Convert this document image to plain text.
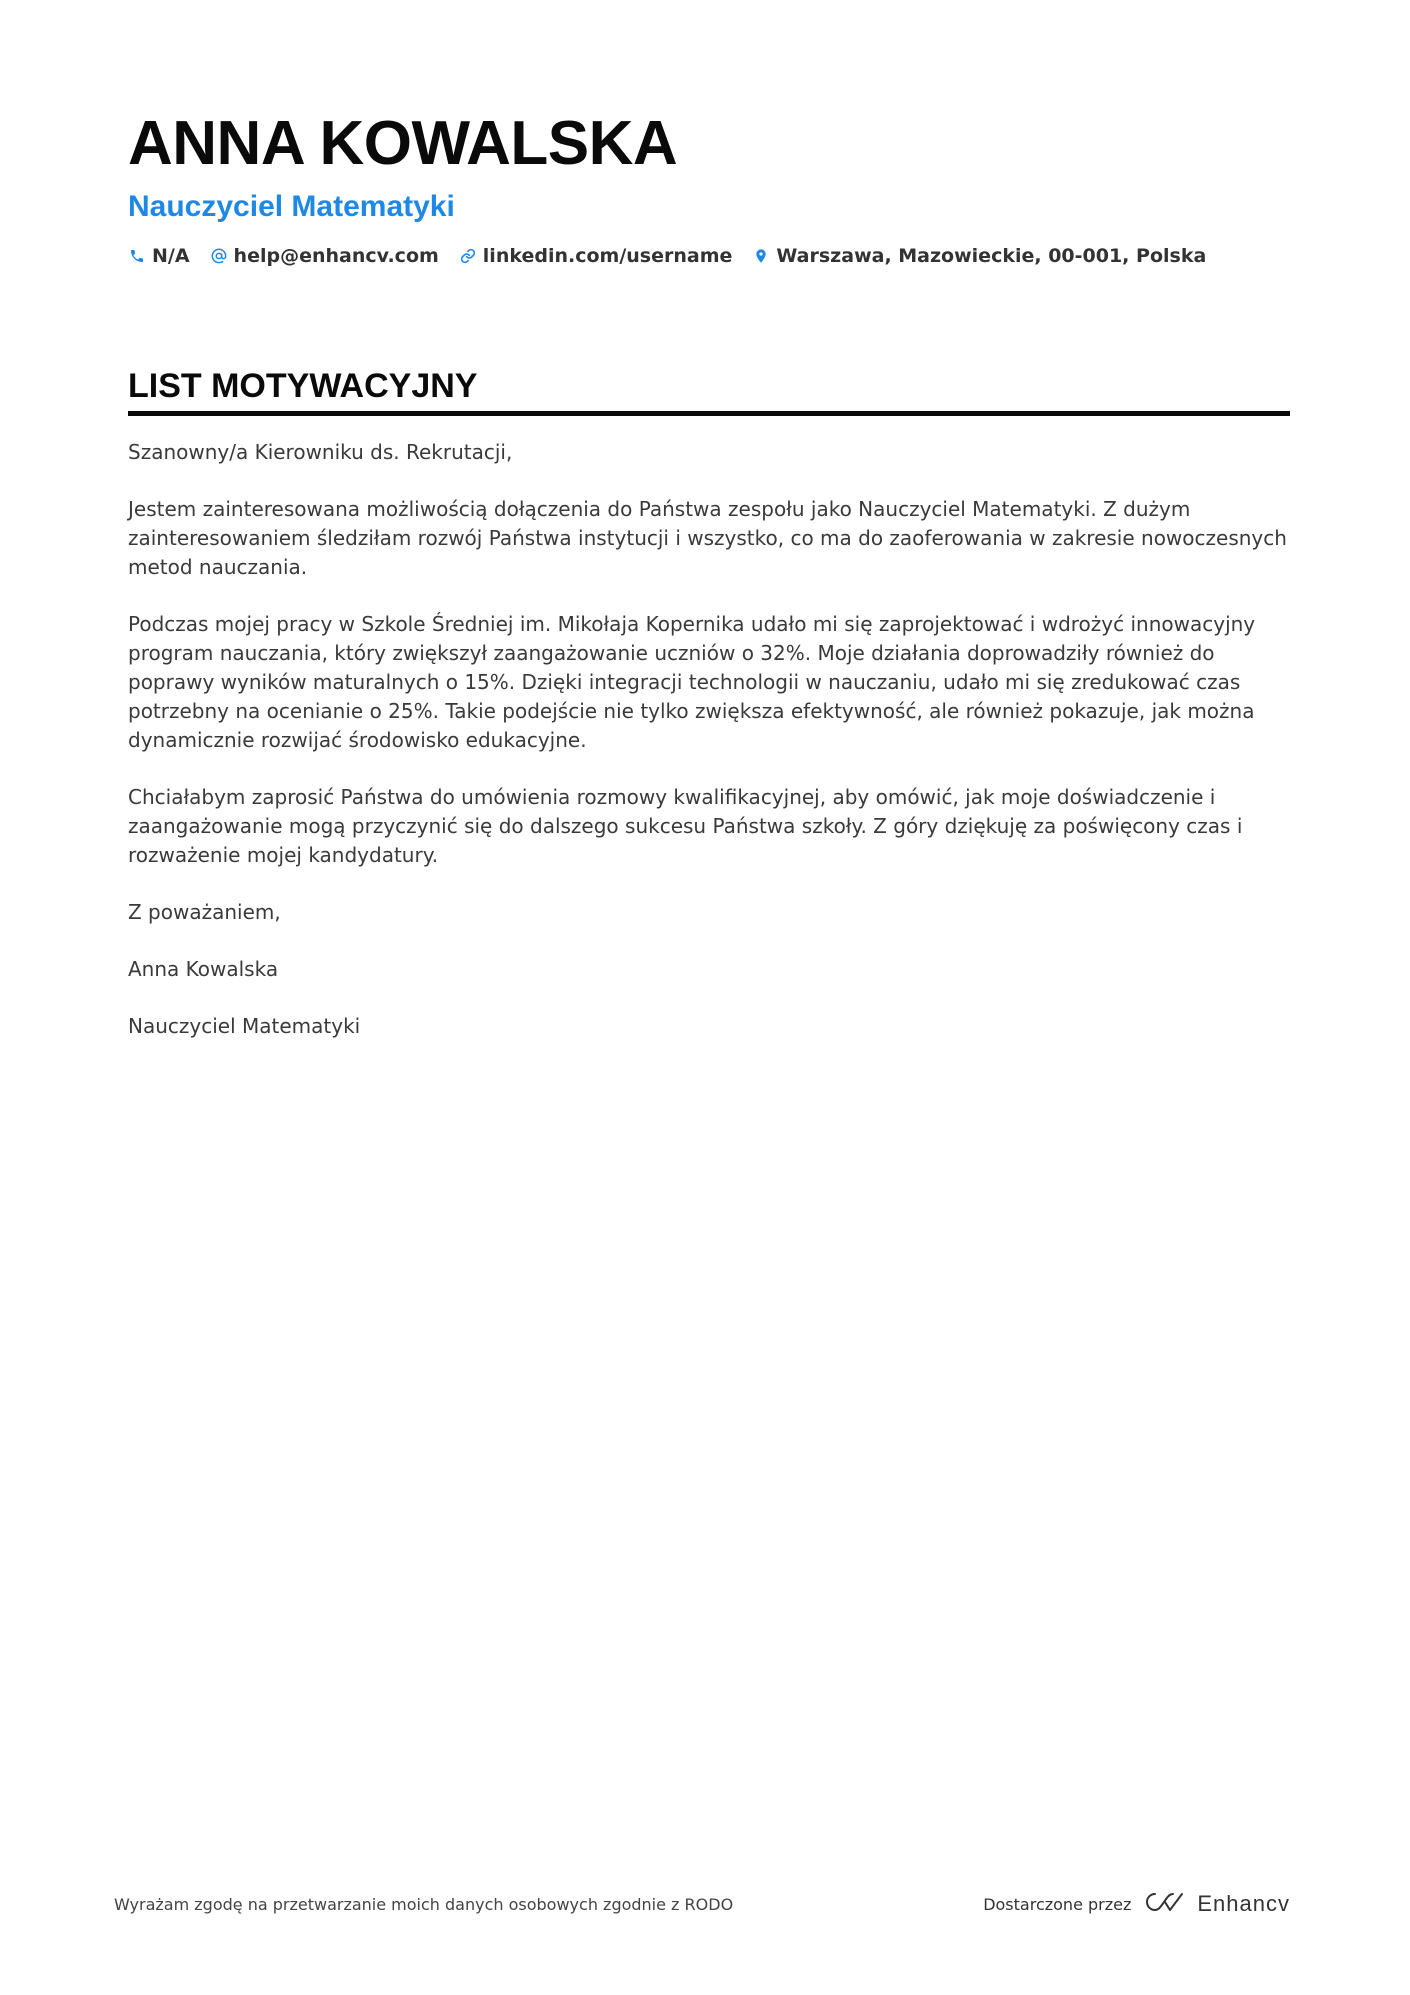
ANNA KOWALSKA
Nauczyciel Matematyki
N/A help@enhancv.com linkedin.com/username Warszawa, Mazowieckie, 00-001, Polska
LIST MOTYWACYJNY

Szanowny/a Kierowniku ds. Rekrutacji,

Jestem zainteresowana możliwością dołączenia do Państwa zespołu jako Nauczyciel Matematyki. Z dużym zainteresowaniem śledziłam rozwój Państwa instytucji i wszystko, co ma do zaoferowania w zakresie nowoczesnych metod nauczania.

Podczas mojej pracy w Szkole Średniej im. Mikołaja Kopernika udało mi się zaprojektować i wdrożyć innowacyjny program nauczania, który zwiększył zaangażowanie uczniów o 32%. Moje działania doprowadziły również do poprawy wyników maturalnych o 15%. Dzięki integracji technologii w nauczaniu, udało mi się zredukować czas potrzebny na ocenianie o 25%. Takie podejście nie tylko zwiększa efektywność, ale również pokazuje, jak można dynamicznie rozwijać środowisko edukacyjne.

Chciałabym zaprosić Państwa do umówienia rozmowy kwalifikacyjnej, aby omówić, jak moje doświadczenie i zaangażowanie mogą przyczynić się do dalszego sukcesu Państwa szkoły. Z góry dziękuję za poświęcony czas i rozważenie mojej kandydatury.

Z poważaniem,

Anna Kowalska

Nauczyciel Matematyki

Wyrażam zgodę na przetwarzanie moich danych osobowych zgodnie z RODO	Dostarczone przez	Enhancv
